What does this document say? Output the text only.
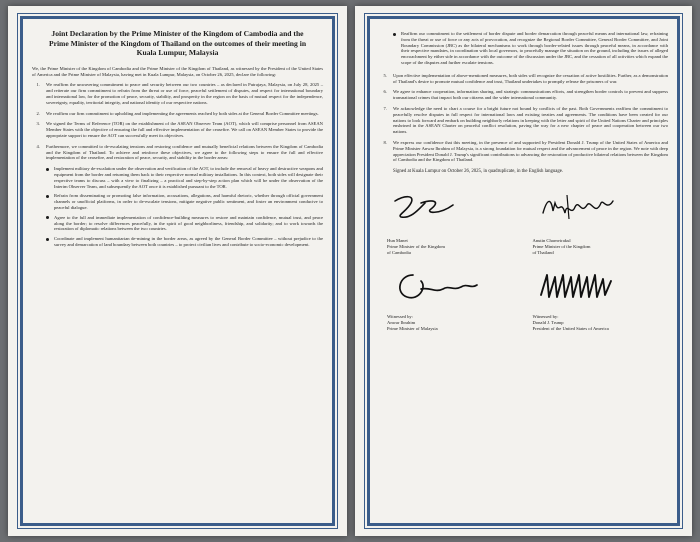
Joint Declaration by the Prime Minister of the Kingdom of Cambodia and the Prime Minister of the Kingdom of Thailand on the outcomes of their meeting in Kuala Lumpur, Malaysia
We, the Prime Minister of the Kingdom of Cambodia and the Prime Minister of the Kingdom of Thailand, as witnessed by the President of the United States of America and the Prime Minister of Malaysia, having met in Kuala Lumpur, Malaysia, on October 26, 2025, declare the following:
1. We reaffirm the unwavering commitment to peace and security between our two countries – as declared in Putrajaya, Malaysia, on July 28, 2025 – and reiterate our firm commitment to refrain from the threat or use of force, peaceful settlement of disputes, and respect for international boundary and international law, for the promotion of peace, security, stability, and prosperity in the region on the basis of mutual respect for the independence, sovereignty, equality, territorial integrity, and national identity of our respective nations.
2. We reaffirm our firm commitment to upholding and implementing the agreements reached by both sides at the General Border Committee meetings.
3. We signed the Terms of Reference (TOR) on the establishment of the ASEAN Observer Team (AOT), which will comprise personnel from ASEAN Member States with the objective of ensuring the full and effective implementation of the ceasefire. We call on ASEAN Member States to provide the appropriate support to ensure the AOT can successfully meet its objectives.
4. Furthermore, we committed to de-escalating tensions and restoring confidence and mutually beneficial relations between the Kingdom of Cambodia and the Kingdom of Thailand. To achieve and reinforce these objectives, we agree to the following steps to ensure the full and effective implementation of the ceasefire, and restoration of peace, security, and stability in the border areas:
Implement military de-escalation under the observation and verification of the AOT, to include the removal of heavy and destructive weapons and equipment from the border and returning them back to their respective normal military installations. In this context, both sides will designate their respective teams to discuss – with a view to finalizing – a practical and step-by-step action plan which will be under the observation of the Interim Observer Team, and subsequently the AOT once it is established pursuant to the TOR.
Refrain from disseminating or promoting false information, accusations, allegations, and harmful rhetoric, whether through official government channels or unofficial platforms, in order to de-escalate tensions, mitigate negative public sentiment, and foster an environment conducive to peaceful dialogue.
Agree to the full and immediate implementation of confidence-building measures to restore and maintain confidence, mutual trust, and peace along the border; to resolve differences peacefully, in the spirit of good neighborliness, friendship, and solidarity; and to work towards the restoration of diplomatic relations between the two countries.
Coordinate and implement humanitarian de-mining in the border areas, as agreed by the General Border Committee – without prejudice to the survey and demarcation of land boundary between both countries – to protect civilian lives and contribute to socio-economic development.
Reaffirm our commitment to the settlement of border dispute and border demarcation through peaceful means and international law, refraining from the threat or use of force or any acts of provocation, and recognize the Regional Border Committee, General Border Committee, and Joint Boundary Commission (JBC) as the bilateral mechanisms to work through border-related issues through peaceful means, in accordance with their respective mandates, in coordination with local governors, to peacefully manage the situation on the ground, including the issues of alleged encroachment by either side in accordance with the outcome of the discussion under the JBC, and the cessation of all activities which expand the scope of the disputes and further escalate tensions.
5. Upon effective implementation of above-mentioned measures, both sides will recognize the cessation of active hostilities. Further, as a demonstration of Thailand's desire to promote mutual confidence and trust, Thailand undertakes to promptly release the prisoners of war.
6. We agree to enhance cooperation, information sharing, and strategic communications efforts, and strengthen border controls to prevent and suppress transnational crimes that impact both our citizens and the wider international community.
7. We acknowledge the need to chart a course for a bright future not bound by conflicts of the past. Both Governments reaffirm the commitment to peacefully resolve disputes in full respect for international laws and existing treaties and agreements. The conditions have been created for our nations to look forward and embark on building neighborly relations in keeping with the letter and spirit of the United Nations Charter and principles enshrined in the ASEAN Charter on peaceful conflict resolution, paving the way for a new chapter of peace and cooperation between our two nations.
8. We express our confidence that this meeting, in the presence of and supported by President Donald J. Trump of the United States of America and Prime Minister Anwar Ibrahim of Malaysia, is a strong foundation for mutual respect and the advancement of peace in the region. We note with deep appreciation President Donald J. Trump's significant contributions to advancing the restoration of productive bilateral relations between the Kingdom of Cambodia and the Kingdom of Thailand.
Signed at Kuala Lumpur on October 26, 2025, in quadruplicate, in the English language.
Hun Manet
Prime Minister of the Kingdom
of Cambodia
Anutin Charnvirakul
Prime Minister of the Kingdom
of Thailand
Witnessed by:
Anwar Ibrahim
Prime Minister of Malaysia
Witnessed by:
Donald J. Trump
President of the United States of America
